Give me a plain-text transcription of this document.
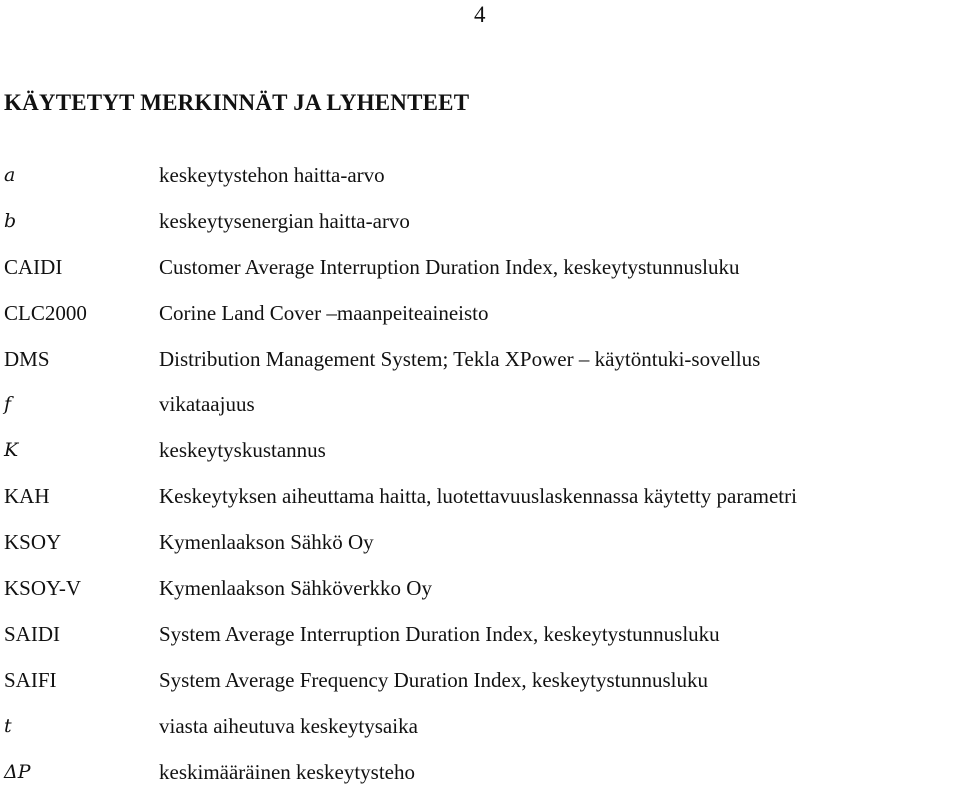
4
KÄYTETYT MERKINNÄT JA LYHENTEET
a	keskeytystehon haitta-arvo
b	keskeytysenergian haitta-arvo
CAIDI	Customer Average Interruption Duration Index, keskeytystunnusluku
CLC2000	Corine Land Cover –maanpeiteaineisto
DMS	Distribution Management System; Tekla XPower – käytöntuki-sovellus
f	vikataajuus
K	keskeytyskustannus
KAH	Keskeytyksen aiheuttama haitta, luotettavuuslaskennassa käytetty parametri
KSOY	Kymenlaakson Sähkö Oy
KSOY-V	Kymenlaakson Sähköverkko Oy
SAIDI	System Average Interruption Duration Index, keskeytystunnusluku
SAIFI	System Average Frequency Duration Index, keskeytystunnusluku
t	viasta aiheutuva keskeytysaika
ΔP	keskimääräinen keskeytysteho
